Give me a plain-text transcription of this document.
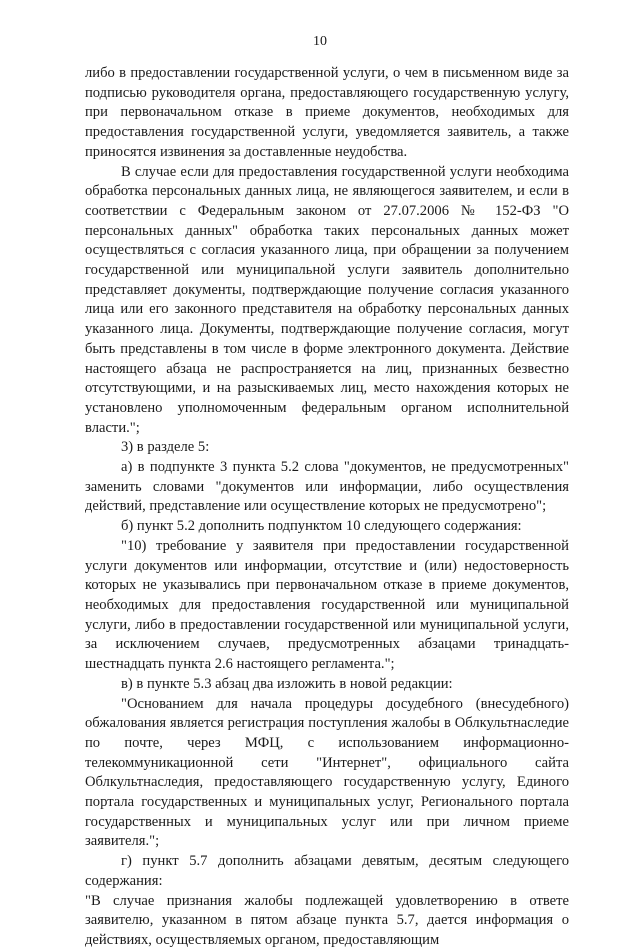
10

либо в предоставлении государственной услуги, о чем в письменном виде за подписью руководителя органа, предоставляющего государственную услугу, при первоначальном отказе в приеме документов, необходимых для предоставления государственной услуги, уведомляется заявитель, а также приносятся извинения за доставленные неудобства.

В случае если для предоставления государственной услуги необходима обработка персональных данных лица, не являющегося заявителем, и если в соответствии с Федеральным законом от 27.07.2006 № 152-ФЗ "О персональных данных" обработка таких персональных данных может осуществляться с согласия указанного лица, при обращении за получением государственной или муниципальной услуги заявитель дополнительно представляет документы, подтверждающие получение согласия указанного лица или его законного представителя на обработку персональных данных указанного лица. Документы, подтверждающие получение согласия, могут быть представлены в том числе в форме электронного документа. Действие настоящего абзаца не распространяется на лиц, признанных безвестно отсутствующими, и на разыскиваемых лиц, место нахождения которых не установлено уполномоченным федеральным органом исполнительной власти.";

3) в разделе 5:

а) в подпункте 3 пункта 5.2 слова "документов, не предусмотренных" заменить словами "документов или информации, либо осуществления действий, представление или осуществление которых не предусмотрено";

б) пункт 5.2 дополнить подпунктом 10 следующего содержания:

"10) требование у заявителя при предоставлении государственной услуги документов или информации, отсутствие и (или) недостоверность которых не указывались при первоначальном отказе в приеме документов, необходимых для предоставления государственной или муниципальной услуги, либо в предоставлении государственной или муниципальной услуги, за исключением случаев, предусмотренных абзацами тринадцать-шестнадцать пункта 2.6 настоящего регламента.";

в) в пункте 5.3 абзац два изложить в новой редакции:

"Основанием для начала процедуры досудебного (внесудебного) обжалования является регистрация поступления жалобы в Облкультнаследие по почте, через МФЦ, с использованием информационно-телекоммуникационной сети "Интернет", официального сайта Облкультнаследия, предоставляющего государственную услугу, Единого портала государственных и муниципальных услуг, Регионального портала государственных и муниципальных услуг или при личном приеме заявителя.";

г) пункт 5.7 дополнить абзацами девятым, десятым следующего содержания:

"В случае признания жалобы подлежащей удовлетворению в ответе заявителю, указанном в пятом абзаце пункта 5.7, дается информация о действиях, осуществляемых органом, предоставляющим
